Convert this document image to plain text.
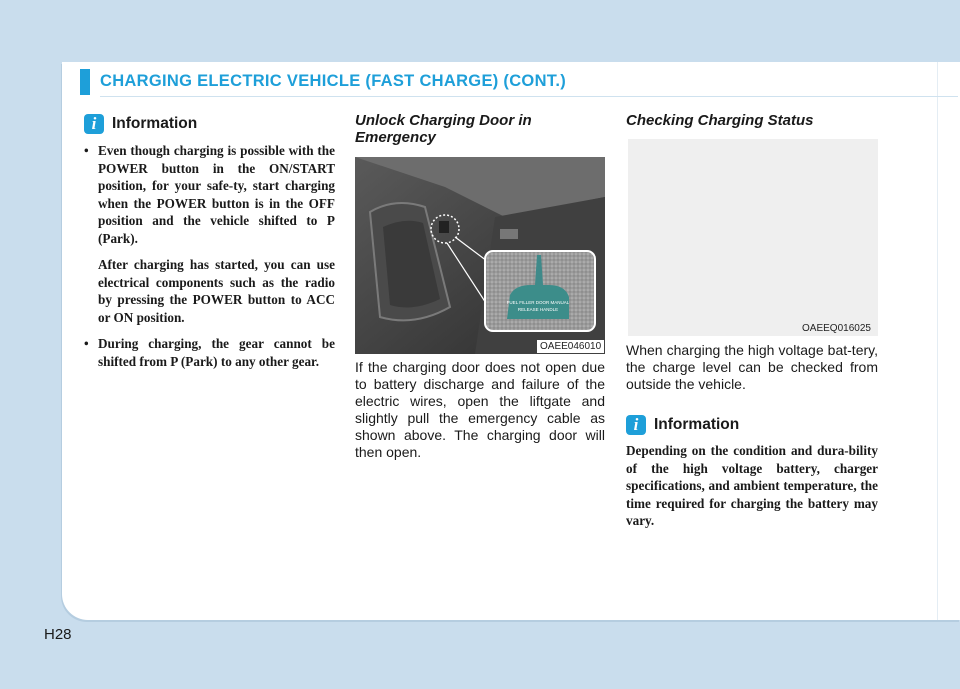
CHARGING ELECTRIC VEHICLE (FAST CHARGE) (CONT.)
i	Information

• Even though charging is possible with the POWER button in the ON/START position, for your safe-ty, start charging when the POWER button is in the OFF position and the vehicle shifted to P (Park).

After charging has started, you can use electrical components such as the radio by pressing the POWER button to ACC or ON position.

• During charging, the gear cannot be shifted from P (Park) to any other gear.

Unlock Charging Door in
Emergency
FUEL FILLER DOOR MANUAL
RELEASE HANDLE
OAEE046010

If the charging door does not open due to battery discharge and failure of the electric wires, open the liftgate and slightly pull the emergency cable as shown above. The charging door will then open.

Checking Charging Status
OAEEQ016025

When charging the high voltage bat-tery, the charge level can be checked from outside the vehicle.

i	Information

Depending on the condition and dura-bility of the high voltage battery, charger specifications, and ambient temperature, the time required for charging the battery may vary.

H28
